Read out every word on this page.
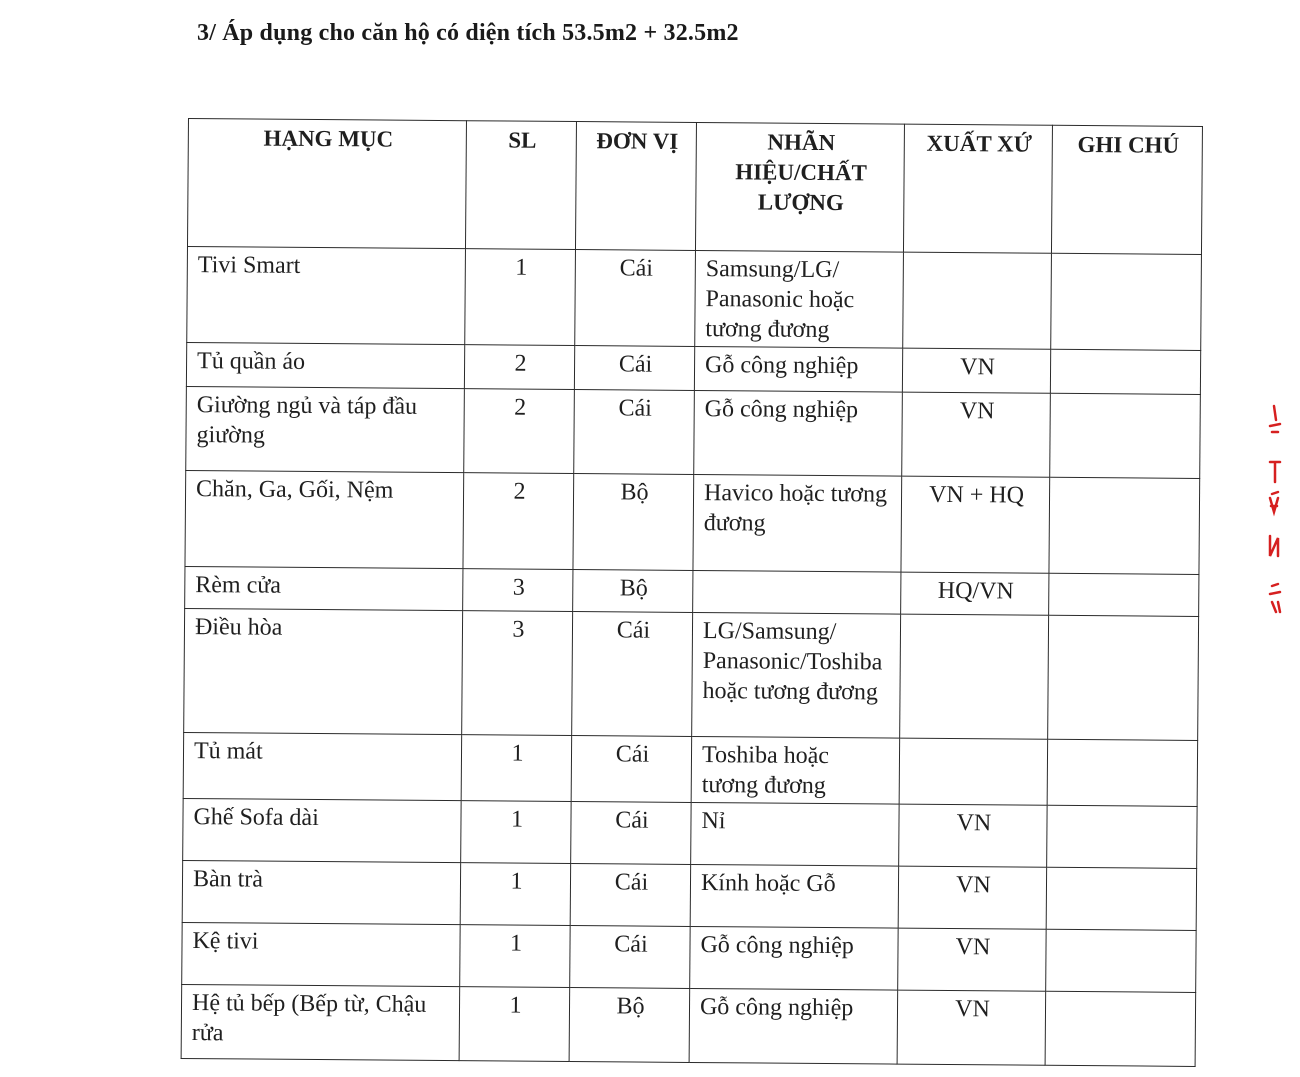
3/ Áp dụng cho căn hộ có diện tích 53.5m2 + 32.5m2
HẠNG MỤC	SL	ĐƠN VỊ	NHÃN HIỆU/CHẤT LƯỢNG	XUẤT XỨ	GHI CHÚ
Tivi Smart	1	Cái	Samsung/LG/ Panasonic hoặc tương đương		
Tủ quần áo	2	Cái	Gỗ công nghiệp	VN	
Giường ngủ và táp đầu giường	2	Cái	Gỗ công nghiệp	VN	
Chăn, Ga, Gối, Nệm	2	Bộ	Havico hoặc tương đương	VN + HQ	
Rèm cửa	3	Bộ		HQ/VN	
Điều hòa	3	Cái	LG/Samsung/ Panasonic/Toshiba hoặc tương đương		
Tủ mát	1	Cái	Toshiba hoặc tương đương		
Ghế Sofa dài	1	Cái	Nỉ	VN	
Bàn trà	1	Cái	Kính hoặc Gỗ	VN	
Kệ tivi	1	Cái	Gỗ công nghiệp	VN	
Hệ tủ bếp (Bếp từ, Chậu rửa	1	Bộ	Gỗ công nghiệp	VN	
